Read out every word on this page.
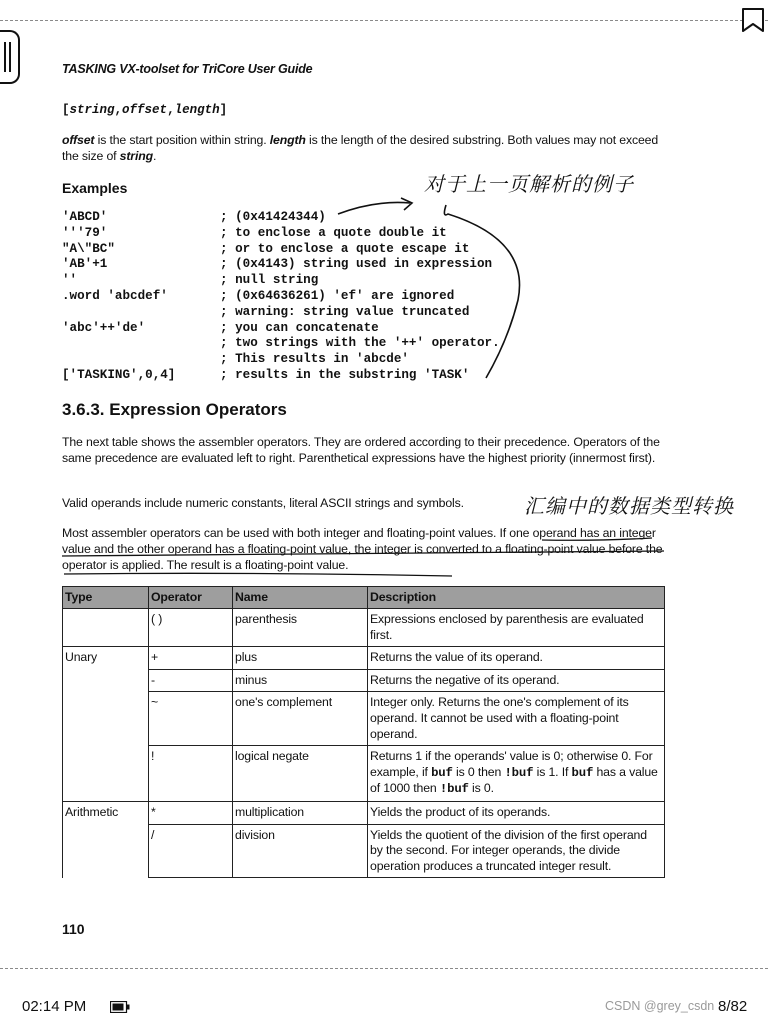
TASKING VX-toolset for TriCore User Guide
[string,offset,length]
offset is the start position within string. length is the length of the desired substring. Both values may not exceed the size of string.
Examples
'ABCD'	; (0x41424344)
'''79'	; to enclose a quote double it
"A\"BC"	; or to enclose a quote escape it
'AB'+1	; (0x4143) string used in expression
''	; null string
.word 'abcdef'	; (0x64636261) 'ef' are ignored
; warning: string value truncated
'abc'++'de'	; you can concatenate
; two strings with the '++' operator.
; This results in 'abcde'
['TASKING',0,4]	; results in the substring 'TASK'
3.6.3. Expression Operators
The next table shows the assembler operators. They are ordered according to their precedence. Operators of the same precedence are evaluated left to right. Parenthetical expressions have the highest priority (innermost first).
Valid operands include numeric constants, literal ASCII strings and symbols.
Most assembler operators can be used with both integer and floating-point values. If one operand has an integer value and the other operand has a floating-point value, the integer is converted to a floating-point value before the operator is applied. The result is a floating-point value.
Type	Operator	Name	Description
	( )	parenthesis	Expressions enclosed by parenthesis are evaluated first.
Unary	+	plus	Returns the value of its operand.
	-	minus	Returns the negative of its operand.
	~	one's complement	Integer only. Returns the one's complement of its operand. It cannot be used with a floating-point operand.
	!	logical negate	Returns 1 if the operands' value is 0; otherwise 0. For example, if buf is 0 then !buf is 1. If buf has a value of 1000 then !buf is 0.
Arithmetic	*	multiplication	Yields the product of its operands.
	/	division	Yields the quotient of the division of the first operand by the second. For integer operands, the divide operation produces a truncated integer result.
110
对于上一页解析的例子
汇编中的数据类型转换
02:14 PM	CSDN @grey_csdn 8/82
